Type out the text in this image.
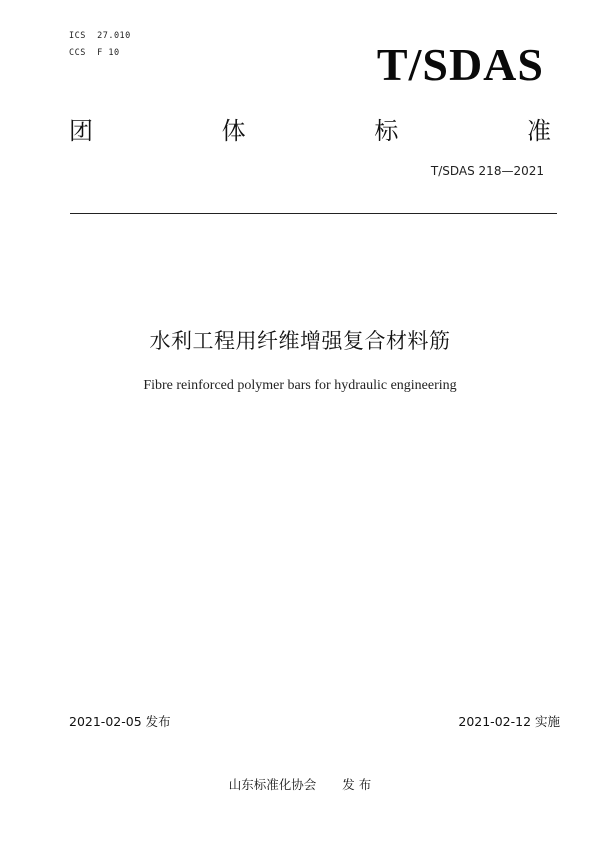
ICS  27.010
CCS  F 10	T/SDAS
团	体	标	准
T/SDAS 218—2021
水利工程用纤维增强复合材料筋
Fibre reinforced polymer bars for hydraulic engineering
2021-02-05 发布	2021-02-12 实施
山东标准化协会 发 布
